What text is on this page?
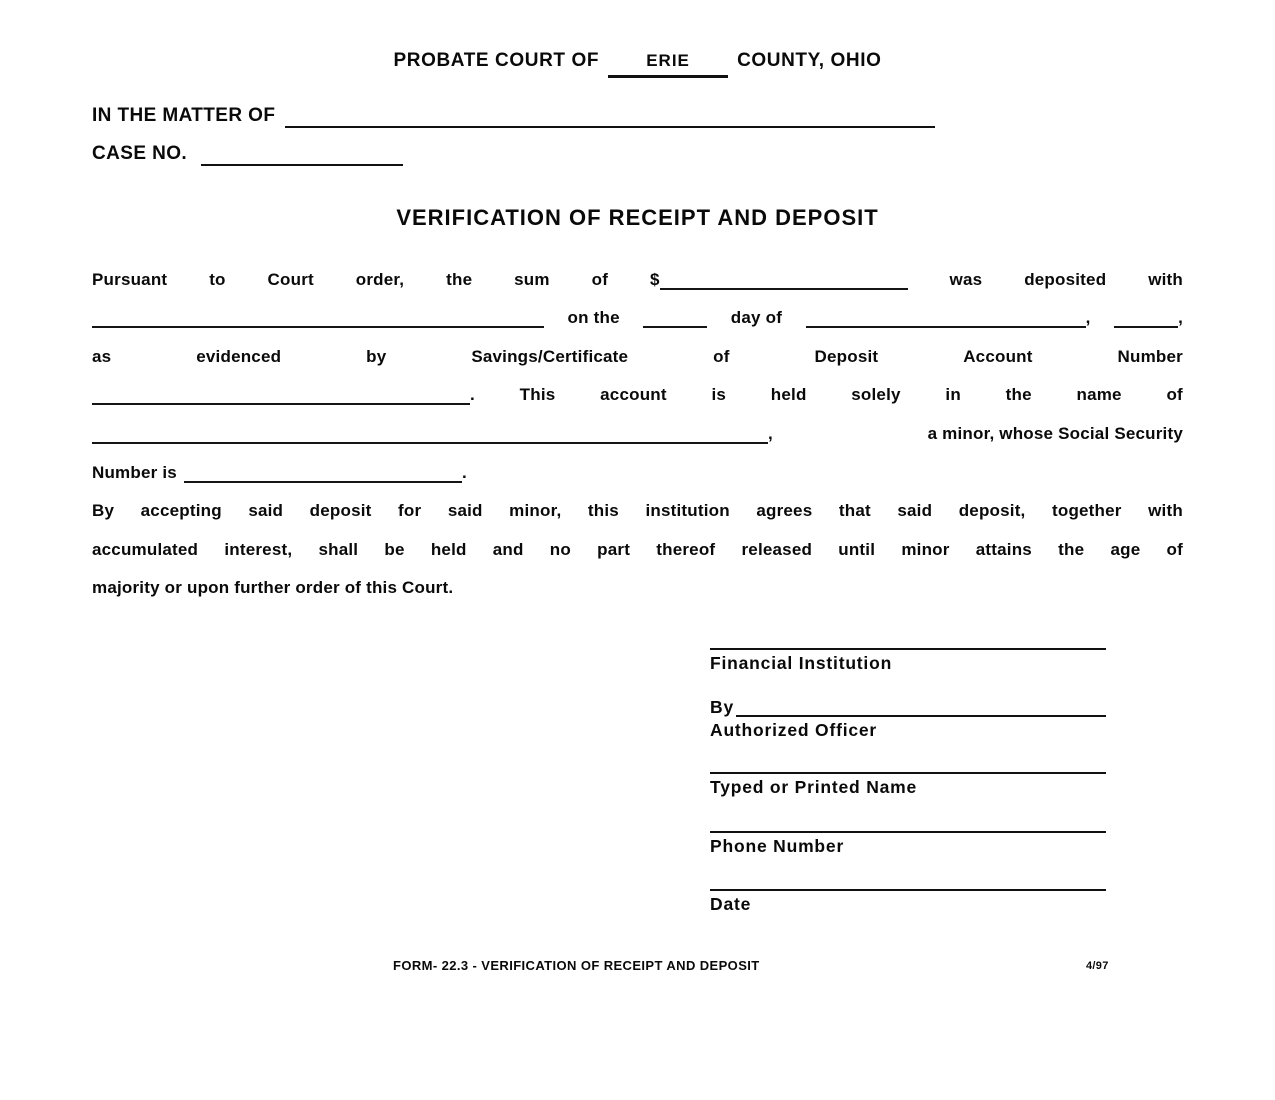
PROBATE COURT OF	ERIE COUNTY, OHIO
IN THE MATTER OF
CASE NO.
VERIFICATION OF RECEIPT AND DEPOSIT
Pursuant to Court order, the sum of $	was deposited with
on the	day of	,	,
as	evidenced	by	Savings/Certificate	of	Deposit	Account	Number
.	This	account	is	held	solely	in	the	name	of
,	a minor, whose Social Security
Number is	.
By accepting said deposit for said minor, this institution agrees that said deposit, together with
accumulated interest, shall be held and no part thereof released until minor attains the age of
majority or upon further order of this Court.
Financial Institution
By
Authorized Officer
Typed or Printed Name
Phone Number
Date
FORM- 22.3 - VERIFICATION OF RECEIPT AND DEPOSIT	4/97
